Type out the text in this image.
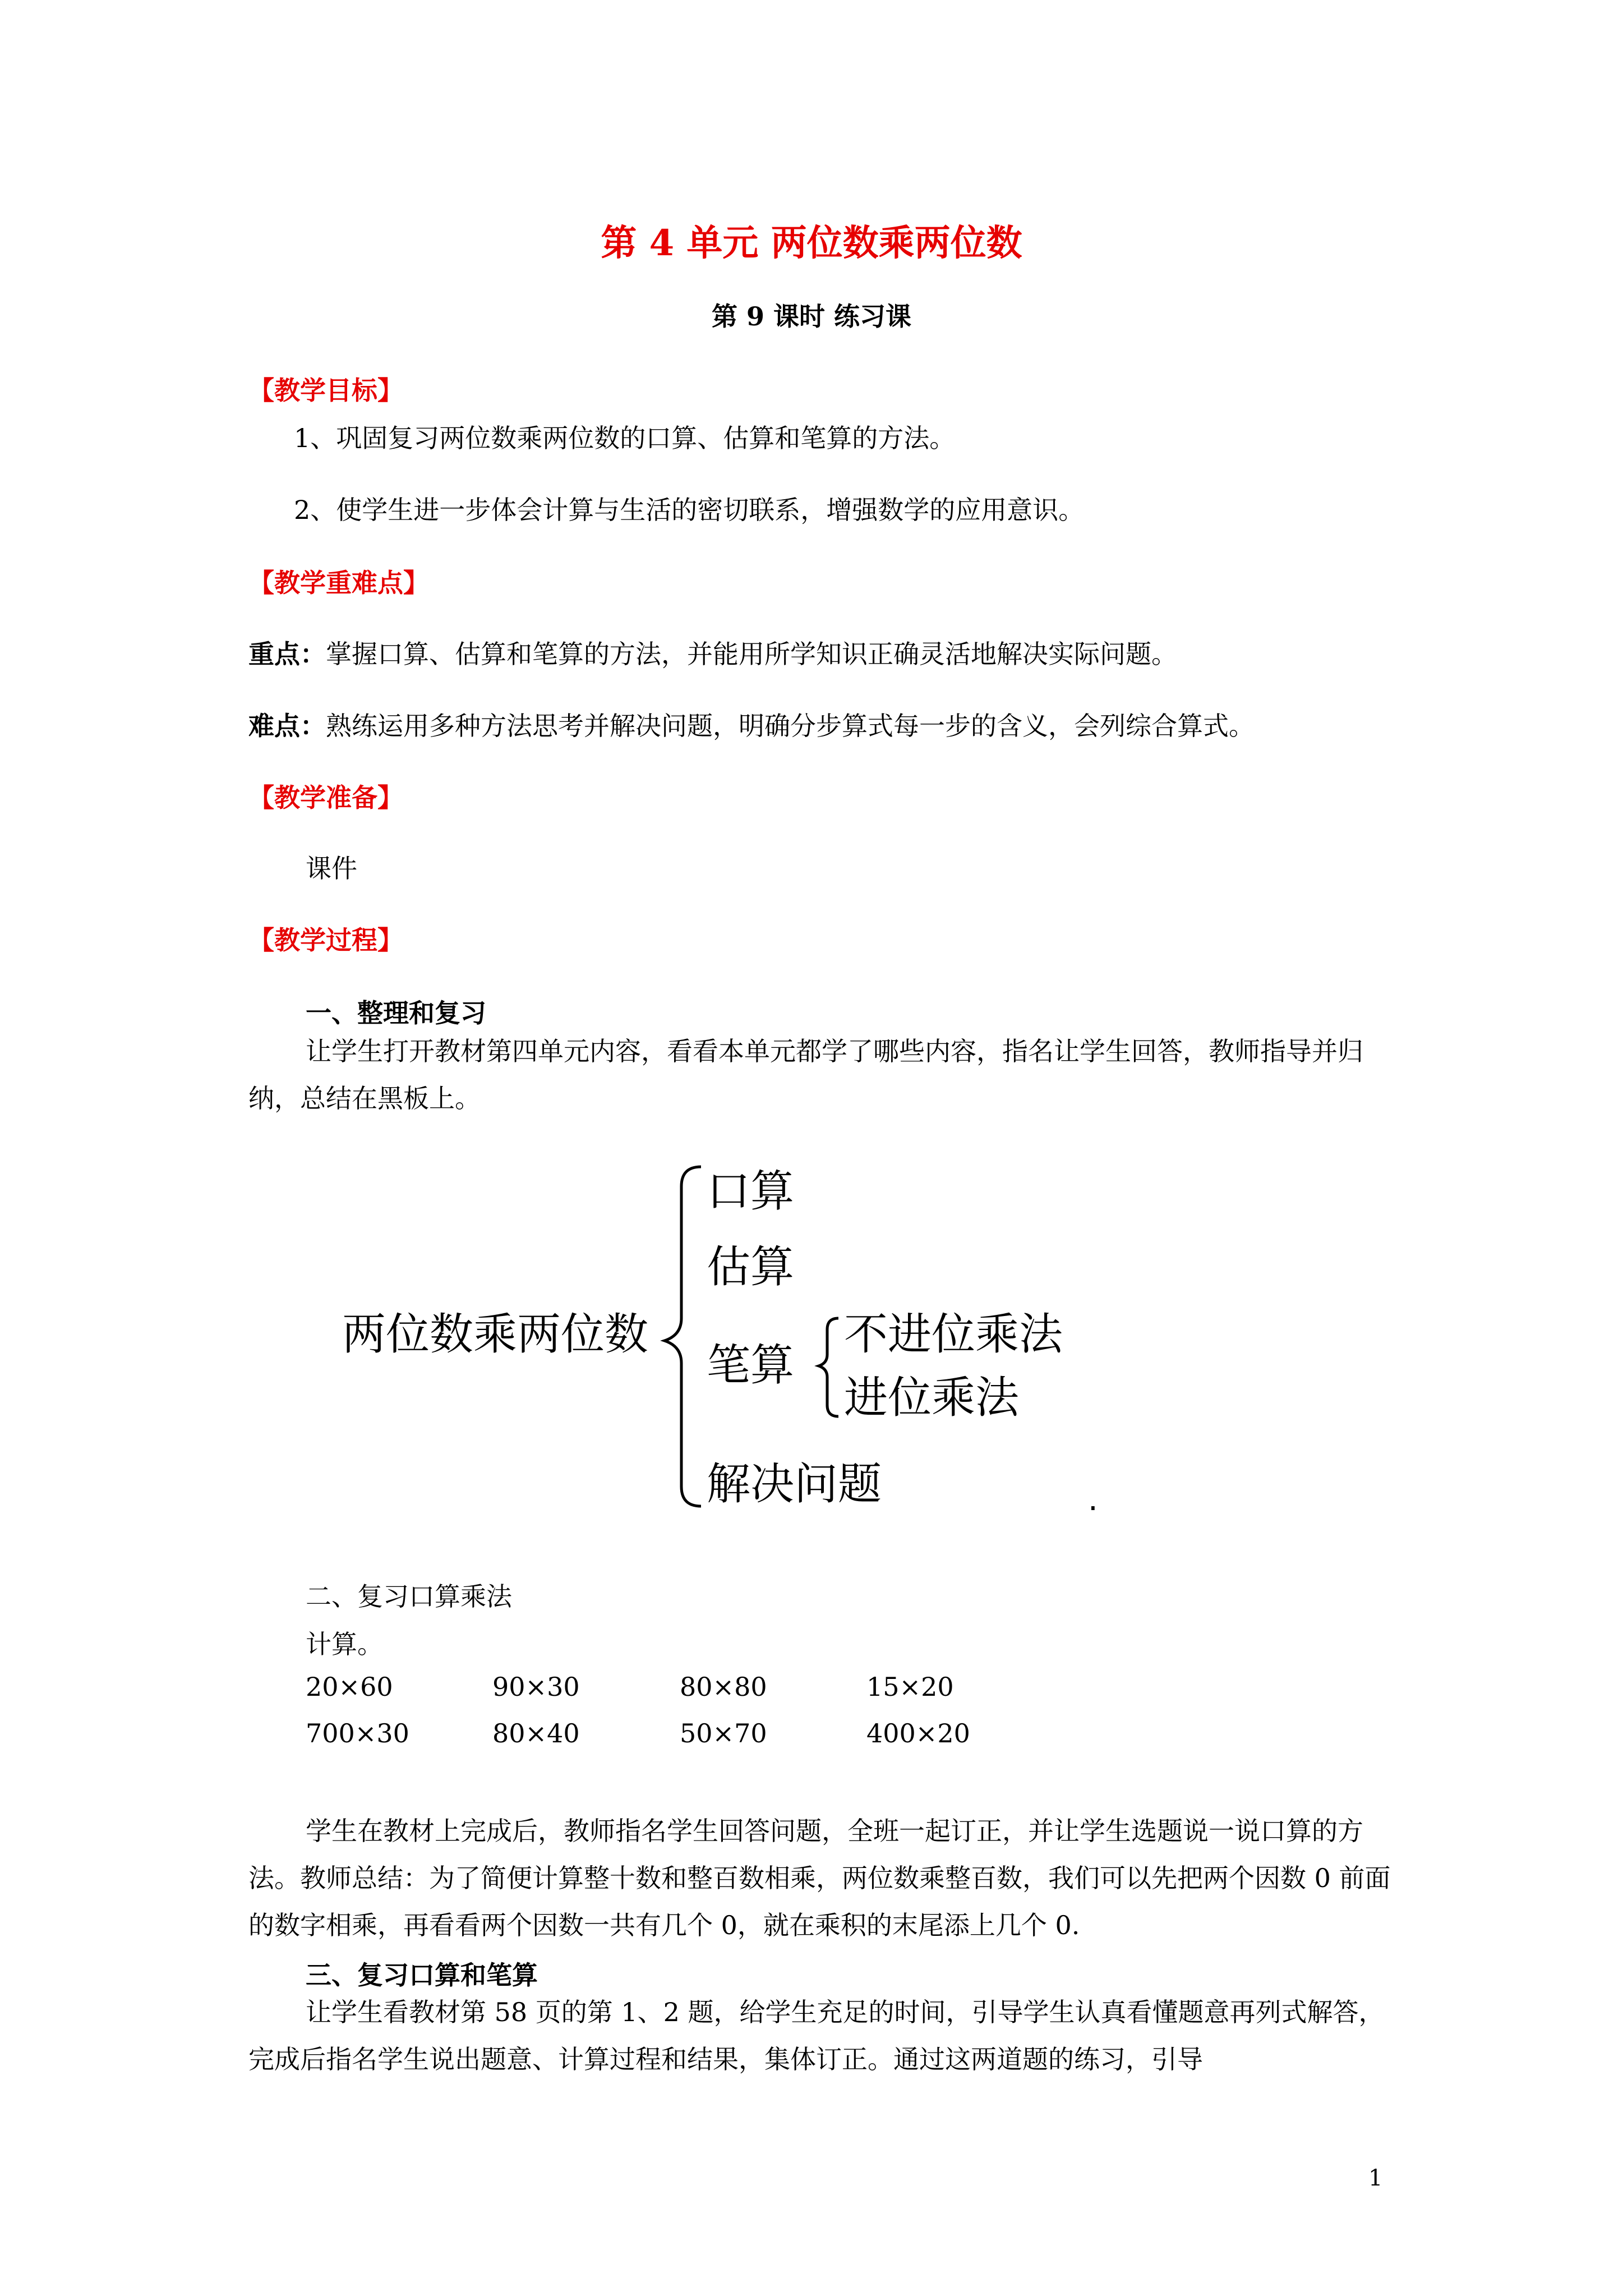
第 4 单元 两位数乘两位数
第 9 课时 练习课
【教学目标】
1、巩固复习两位数乘两位数的口算、估算和笔算的方法。
2、使学生进一步体会计算与生活的密切联系，增强数学的应用意识。
【教学重难点】
重点：掌握口算、估算和笔算的方法，并能用所学知识正确灵活地解决实际问题。
难点：熟练运用多种方法思考并解决问题，明确分步算式每一步的含义，会列综合算式。
【教学准备】
课件
【教学过程】
一、整理和复习
让学生打开教材第四单元内容，看看本单元都学了哪些内容，指名让学生回答，教师指导并归纳，总结在黑板上。
两位数乘两位数
口算
估算
笔算
解决问题
不进位乘法
进位乘法
.
二、复习口算乘法
计算。
20×60	90×30	80×80	15×20
700×30	80×40	50×70	400×20
学生在教材上完成后，教师指名学生回答问题，全班一起订正，并让学生选题说一说口算的方法。教师总结：为了简便计算整十数和整百数相乘，两位数乘整百数，我们可以先把两个因数 0 前面的数字相乘，再看看两个因数一共有几个 0，就在乘积的末尾添上几个 0.
三、复习口算和笔算
让学生看教材第 58 页的第 1、2 题，给学生充足的时间，引导学生认真看懂题意再列式解答，完成后指名学生说出题意、计算过程和结果，集体订正。通过这两道题的练习，引导
1
